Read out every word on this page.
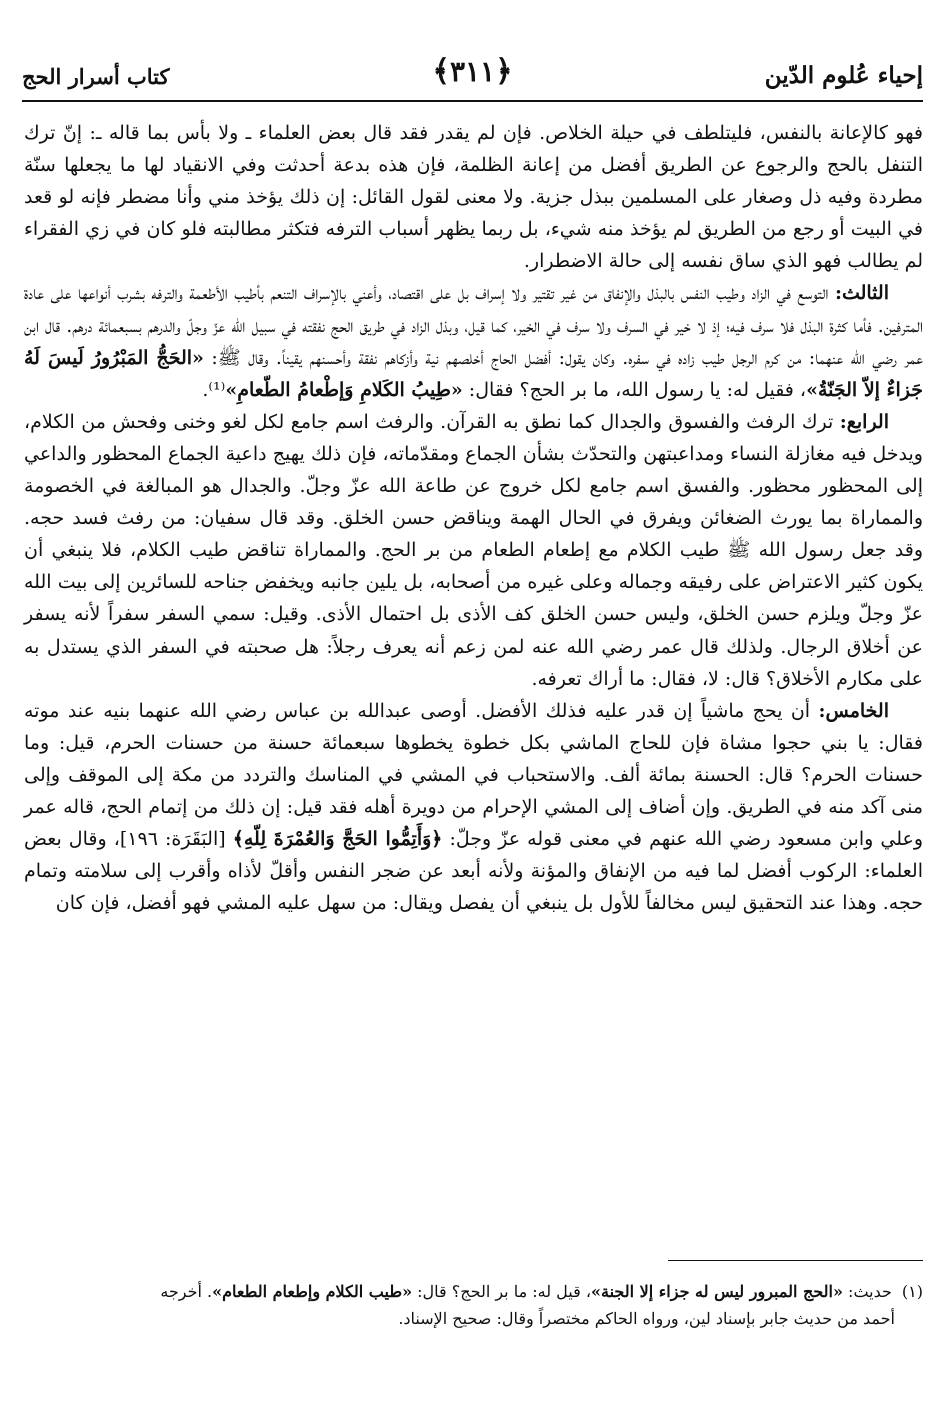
إحياء عُلوم الدّين
﴿٣١١﴾
كتاب أسرار الحج

فهو كالإعانة بالنفس، فليتلطف في حيلة الخلاص. فإن لم يقدر فقد قال بعض العلماء ـ ولا بأس بما قاله ـ: إنّ ترك التنفل بالحج والرجوع عن الطريق أفضل من إعانة الظلمة، فإن هذه بدعة أحدثت وفي الانقياد لها ما يجعلها سنّة مطردة وفيه ذل وصغار على المسلمين ببذل جزية. ولا معنى لقول القائل: إن ذلك يؤخذ مني وأنا مضطر فإنه لو قعد في البيت أو رجع من الطريق لم يؤخذ منه شيء، بل ربما يظهر أسباب الترفه فتكثر مطالبته فلو كان في زي الفقراء لم يطالب فهو الذي ساق نفسه إلى حالة الاضطرار.

الثالث: التوسع في الزاد وطيب النفس بالبذل والإنفاق من غير تقتير ولا إسراف بل على اقتصاد، وأعني بالإسراف التنعم بأطيب الأطعمة والترفه بشرب أنواعها على عادة المترفين. فأما كثرة البذل فلا سرف فيه؛ إذ لا خير في السرف ولا سرف في الخير، كما قيل، وبذل الزاد في طريق الحج نفقته في سبيل الله عزّ وجلّ والدرهم بسبعمائة درهم. قال ابن عمر رضي الله عنهما: من كرم الرجل طيب زاده في سفره. وكان يقول: أفضل الحاج أخلصهم نية وأزكاهم نفقة وأحسنهم يقيناً. وقال ﷺ: «الحَجُّ المَبْرُورُ لَيسَ لَهُ جَزاءٌ إلاّ الجَنّةُ»، فقيل له: يا رسول الله، ما بر الحج؟ فقال: «طِيبُ الكَلامِ وَإطْعامُ الطّعامِ»⁽¹⁾.

الرابع: ترك الرفث والفسوق والجدال كما نطق به القرآن. والرفث اسم جامع لكل لغو وخنى وفحش من الكلام، ويدخل فيه مغازلة النساء ومداعبتهن والتحدّث بشأن الجماع ومقدّماته، فإن ذلك يهيج داعية الجماع المحظور والداعي إلى المحظور محظور. والفسق اسم جامع لكل خروج عن طاعة الله عزّ وجلّ. والجدال هو المبالغة في الخصومة والمماراة بما يورث الضغائن ويفرق في الحال الهمة ويناقض حسن الخلق. وقد قال سفيان: من رفث فسد حجه. وقد جعل رسول الله ﷺ طيب الكلام مع إطعام الطعام من بر الحج. والمماراة تناقض طيب الكلام، فلا ينبغي أن يكون كثير الاعتراض على رفيقه وجماله وعلى غيره من أصحابه، بل يلين جانبه ويخفض جناحه للسائرين إلى بيت الله عزّ وجلّ ويلزم حسن الخلق، وليس حسن الخلق كف الأذى بل احتمال الأذى. وقيل: سمي السفر سفراً لأنه يسفر عن أخلاق الرجال. ولذلك قال عمر رضي الله عنه لمن زعم أنه يعرف رجلاً: هل صحبته في السفر الذي يستدل به على مكارم الأخلاق؟ قال: لا، فقال: ما أراك تعرفه.

الخامس: أن يحج ماشياً إن قدر عليه فذلك الأفضل. أوصى عبدالله بن عباس رضي الله عنهما بنيه عند موته فقال: يا بني حجوا مشاة فإن للحاج الماشي بكل خطوة يخطوها سبعمائة حسنة من حسنات الحرم، قيل: وما حسنات الحرم؟ قال: الحسنة بمائة ألف. والاستحباب في المشي في المناسك والتردد من مكة إلى الموقف وإلى منى آكد منه في الطريق. وإن أضاف إلى المشي الإحرام من دويرة أهله فقد قيل: إن ذلك من إتمام الحج، قاله عمر وعلي وابن مسعود رضي الله عنهم في معنى قوله عزّ وجلّ: ﴿وَأَتِمُّوا الحَجَّ وَالعُمْرَةَ لِلّهِ﴾ [البَقَرَة: ١٩٦]، وقال بعض العلماء: الركوب أفضل لما فيه من الإنفاق والمؤنة ولأنه أبعد عن ضجر النفس وأقلّ لأذاه وأقرب إلى سلامته وتمام حجه. وهذا عند التحقيق ليس مخالفاً للأول بل ينبغي أن يفصل ويقال: من سهل عليه المشي فهو أفضل، فإن كان

(١)حديث: «الحج المبرور ليس له جزاء إلا الجنة»، قيل له: ما بر الحج؟ قال: «طيب الكلام وإطعام الطعام». أخرجه

أحمد من حديث جابر بإسناد لين، ورواه الحاكم مختصراً وقال: صحيح الإسناد.
